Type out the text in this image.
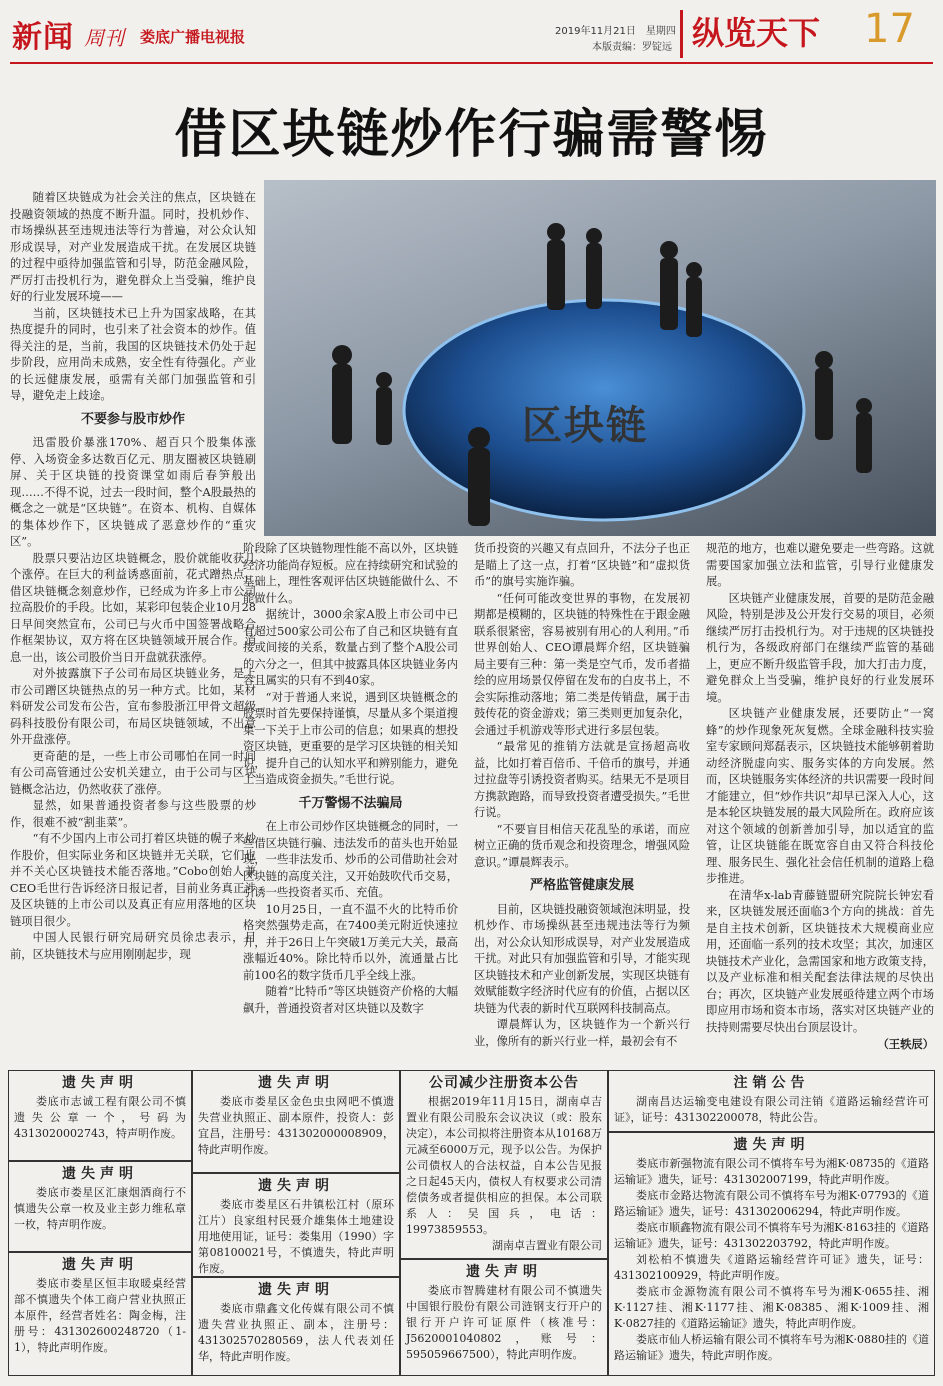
新闻 周刊 娄底广播电视报	2019年11月21日　星期四
本版责编：罗锭远 纵览天下 17
借区块链炒作行骗需警惕
区块链

随着区块链成为社会关注的焦点，区块链在投融资领域的热度不断升温。同时，投机炒作、市场操纵甚至违规违法等行为普遍，对公众认知形成误导，对产业发展造成干扰。在发展区块链的过程中亟待加强监管和引导，防范金融风险，严厉打击投机行为，避免群众上当受骗，维护良好的行业发展环境——

当前，区块链技术已上升为国家战略，在其热度提升的同时，也引来了社会资本的炒作。值得关注的是，当前，我国的区块链技术仍处于起步阶段，应用尚未成熟，安全性有待强化。产业的长远健康发展，亟需有关部门加强监管和引导，避免走上歧途。

不要参与股市炒作

迅雷股价暴涨170%、超百只个股集体涨停、入场资金多达数百亿元、朋友圈被区块链刷屏、关于区块链的投资课堂如雨后春笋般出现……不得不说，过去一段时间，整个A股最热的概念之一就是“区块链”。在资本、机构、自媒体的集体炒作下，区块链成了恶意炒作的“重灾区”。

股票只要沾边区块链概念，股价就能收获几个涨停。在巨大的利益诱惑面前，花式蹭热点，借区块链概念刻意炒作，已经成为许多上市公司拉高股价的手段。比如，某彩印包装企业10月28日早间突然宣布，公司已与火币中国签署战略合作框架协议，双方将在区块链领域开展合作。消息一出，该公司股价当日开盘就获涨停。

对外披露旗下子公司布局区块链业务，是上市公司蹭区块链热点的另一种方式。比如，某材料研发公司发布公告，宣布参股浙江甲骨文超级码科技股份有限公司，布局区块链领域，不出意外开盘涨停。

更奇葩的是，一些上市公司哪怕在同一时间有公司高管通过公安机关建立，由于公司与区块链概念沾边，仍然收获了涨停。

显然，如果普通投资者参与这些股票的炒作，很难不被“割韭菜”。

“有不少国内上市公司打着区块链的幌子来炒作股价，但实际业务和区块链并无关联，它们也并不关心区块链技术能否落地。”Cobo创始人兼CEO毛世行告诉经济日报记者，目前业务真正涉及区块链的上市公司以及真正有应用落地的区块链项目很少。

中国人民银行研究局研究员徐忠表示，目前，区块链技术与应用刚刚起步，现

阶段除了区块链物理性能不高以外，区块链经济功能尚存短板。应在持续研究和试验的基础上，理性客观评估区块链能做什么、不能做什么。

据统计，3000余家A股上市公司中已有超过500家公司公布了自己和区块链有直接或间接的关系，数量占到了整个A股公司的六分之一，但其中披露具体区块链业务内容且属实的只有不到40家。

“对于普通人来说，遇到区块链概念的股票时首先要保持谨慎，尽量从多个渠道搜集一下关于上市公司的信息；如果真的想投资区块链，更重要的是学习区块链的相关知识，提升自己的认知水平和辨别能力，避免上当造成资金损失。”毛世行说。

千万警惕不法骗局

在上市公司炒作区块链概念的同时，一些借区块链行骗、违法发币的苗头也开始显现，一些非法发币、炒币的公司借助社会对区块链的高度关注，又开始鼓吹代币交易，引诱一些投资者买币、充值。

10月25日，一直不温不火的比特币价格突然强势走高，在7400美元附近快速拉升，并于26日上午突破1万美元大关，最高涨幅近40%。除比特币以外，流通量占比前100名的数字货币几乎全线上涨。

随着“比特币”等区块链资产价格的大幅飙升，普通投资者对区块链以及数字

货币投资的兴趣又有点回升，不法分子也正是瞄上了这一点，打着“区块链”和“虚拟货币”的旗号实施诈骗。

“任何可能改变世界的事物，在发展初期都是模糊的，区块链的特殊性在于跟金融联系很紧密，容易被别有用心的人利用。”币世界创始人、CEO谭晨辉介绍，区块链骗局主要有三种：第一类是空气币，发币者描绘的应用场景仅停留在发布的白皮书上，不会实际推动落地；第二类是传销盘，属于击鼓传花的资金游戏；第三类则更加复杂化，会通过手机游戏等形式进行多层包装。

“最常见的推销方法就是宣扬超高收益，比如打着百倍币、千倍币的旗号，并通过拉盘等引诱投资者购买。结果无不是项目方携款跑路，而导致投资者遭受损失。”毛世行说。

“不要盲目相信天花乱坠的承诺，而应树立正确的货币观念和投资理念，增强风险意识。”谭晨辉表示。

严格监管健康发展

目前，区块链投融资领域泡沫明显，投机炒作、市场操纵甚至违规违法等行为频出，对公众认知形成误导，对产业发展造成干扰。对此只有加强监管和引导，才能实现区块链技术和产业创新发展，实现区块链有效赋能数字经济时代应有的价值，占据以区块链为代表的新时代互联网科技制高点。

谭晨辉认为，区块链作为一个新兴行业，像所有的新兴行业一样，最初会有不

规范的地方，也难以避免要走一些弯路。这就需要国家加强立法和监管，引导行业健康发展。

区块链产业健康发展，首要的是防范金融风险，特别是涉及公开发行交易的项目，必须继续严厉打击投机行为。对于违规的区块链投机行为，各级政府部门在继续严监管的基础上，更应不断升级监管手段，加大打击力度，避免群众上当受骗，维护良好的行业发展环境。

区块链产业健康发展，还要防止“一窝蜂”的炒作现象死灰复燃。全球金融科技实验室专家顾问郑磊表示，区块链技术能够朝着助动经济脱虚向实、服务实体的方向发展。然而，区块链服务实体经济的共识需要一段时间才能建立，但“炒作共识”却早已深入人心，这是本轮区块链发展的最大风险所在。政府应该对这个领域的创新善加引导，加以适宜的监管，让区块链能在既宽容自由又符合科技伦理、服务民生、强化社会信任机制的道路上稳步推进。

在清华x-lab青藤链盟研究院院长钟宏看来，区块链发展还面临3个方向的挑战：首先是自主技术创新，区块链技术大规模商业应用，还面临一系列的技术攻坚；其次，加速区块链技术产业化，急需国家和地方政策支持，以及产业标准和相关配套法律法规的尽快出台；再次，区块链产业发展亟待建立两个市场即应用市场和资本市场，落实对区块链产业的扶持则需要尽快出台顶层设计。

（王轶辰）

遗失声明

娄底市志诚工程有限公司不慎遗失公章一个，号码为4313020002743，特声明作废。

遗失声明

娄底市娄星区汇康烟酒商行不慎遗失公章一枚及业主彭力维私章一枚，特声明作废。

遗失声明

娄底市娄星区恒丰取暖桌经营部不慎遗失个体工商户营业执照正本原件，经营者姓名：陶金梅，注册号：431302600248720（1-1），特此声明作废。

遗失声明

娄底市娄星区金色虫虫网吧不慎遗失营业执照正、副本原件，投资人：彭宜昌，注册号：431302000008909，特此声明作废。

遗失声明

娄底市娄星区石井镇松江村（原环江片）良家组村民聂介雄集体土地建设用地使用证，证号：娄集用（1990）字第08100021号，不慎遗失，特此声明作废。

遗失声明

娄底市鼎鑫文化传媒有限公司不慎遗失营业执照正、副本，注册号：431302570280569，法人代表刘任华，特此声明作废。

公司减少注册资本公告

根据2019年11月15日，湖南卓吉置业有限公司股东会议决议（或：股东决定），本公司拟将注册资本从10168万元减至6000万元，现予以公告。为保护公司债权人的合法权益，自本公告见报之日起45天内，债权人有权要求公司清偿债务或者提供相应的担保。本公司联系人：吴国兵，电话：19973859553。

湖南卓吉置业有限公司

遗失声明

娄底市智腾建材有限公司不慎遗失中国银行股份有限公司涟钢支行开户的银行开户许可证原件（核准号：J5620001040802，账号：595059667500），特此声明作废。

注销公告

湖南昌达运输变电建设有限公司注销《道路运输经营许可证》，证号：431302200078，特此公告。

遗失声明

娄底市新强物流有限公司不慎将车号为湘K·08735的《道路运输证》遗失，证号：431302007199，特此声明作废。

娄底市金路达物流有限公司不慎将车号为湘K·07793的《道路运输证》遗失，证号：431302006294，特此声明作废。

娄底市顺鑫物流有限公司不慎将车号为湘K·8163挂的《道路运输证》遗失，证号：431302203792，特此声明作废。

刘松柏不慎遗失《道路运输经营许可证》遗失，证号：431302100929，特此声明作废。

娄底市金源物流有限公司不慎将车号为湘K·0655挂、湘K·1127挂、湘K·1177挂、湘K·08385、湘K·1009挂、湘K·0827挂的《道路运输证》遗失，特此声明作废。

娄底市仙人桥运输有限公司不慎将车号为湘K·0880挂的《道路运输证》遗失，特此声明作废。
